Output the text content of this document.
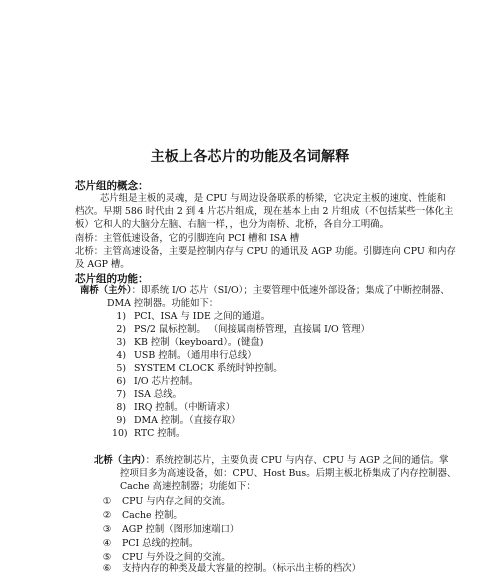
主板上各芯片的功能及名词解释
芯片组的概念：
芯片组是主板的灵魂，是 CPU 与周边设备联系的桥梁，它决定主板的速度、性能和
档次。早期 586 时代由 2 到 4 片芯片组成，现在基本上由 2 片组成（不包括某些一体化主
板）它和人的大脑分左脑、右脑一样，，也分为南桥、北桥，各自分工明确。
南桥：主管低速设备，它的引脚连向 PCI 槽和 ISA 槽
北桥：主管高速设备，主要是控制内存与 CPU 的通讯及 AGP 功能。引脚连向 CPU 和内存
及 AGP 槽。
芯片组的功能：
南桥（主外）：即系统 I/O 芯片（SI/O）；主要管理中低速外部设备；集成了中断控制器、
DMA 控制器。功能如下：
1) PCI、ISA 与 IDE 之间的通道。
2) PS/2 鼠标控制。 （间接属南桥管理，直接属 I/O 管理）
3) KB 控制（keyboard）。(键盘)
4) USB 控制。（通用串行总线）
5) SYSTEM CLOCK 系统时钟控制。
6) I/O 芯片控制。
7) ISA 总线。
8) IRQ 控制。（中断请求）
9) DMA 控制。（直接存取）
10) RTC 控制。
北桥（主内）：系统控制芯片，主要负责 CPU 与内存、CPU 与 AGP 之间的通信。掌
控项目多为高速设备，如：CPU、Host Bus。后期主板北桥集成了内存控制器、
Cache 高速控制器；功能如下：
① CPU 与内存之间的交流。
② Cache 控制。
③ AGP 控制（图形加速端口）
④ PCI 总线的控制。
⑤ CPU 与外设之间的交流。
⑥ 支持内存的种类及最大容量的控制。（标示出主桥的档次）
